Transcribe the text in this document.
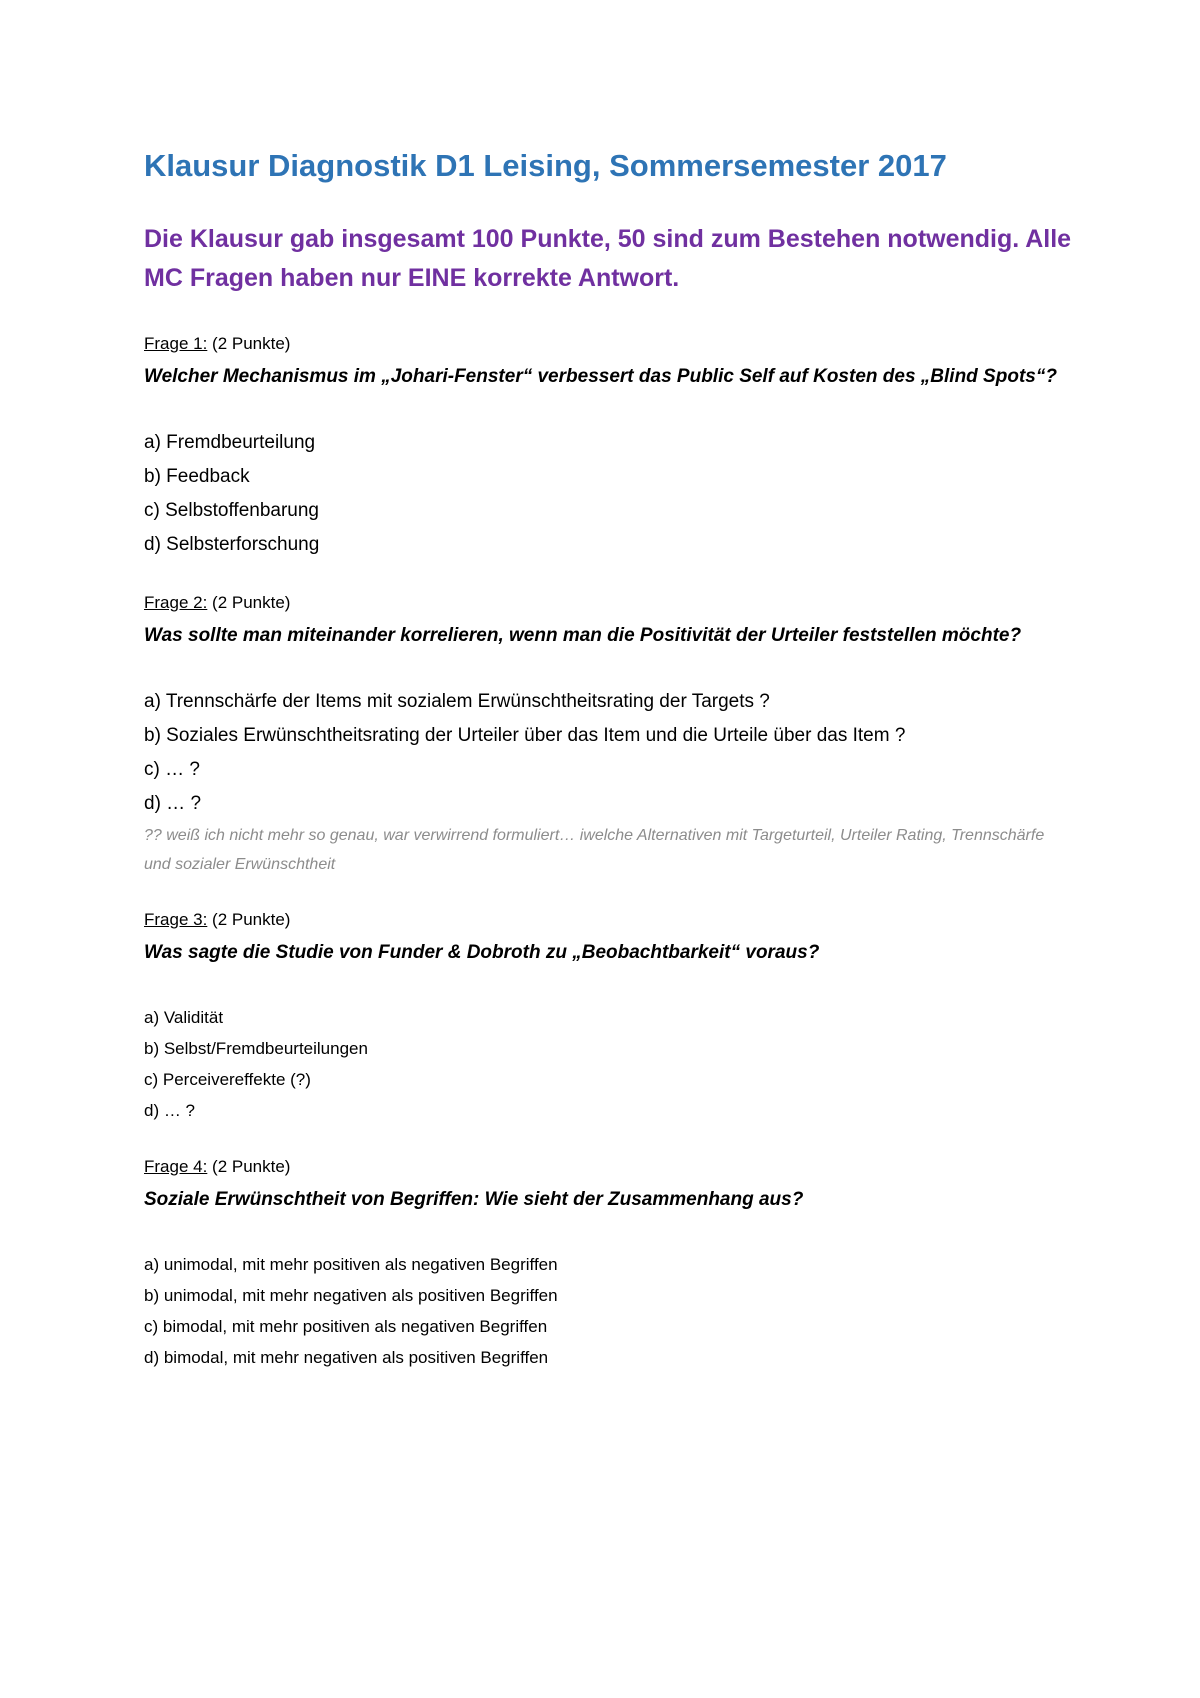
Klausur Diagnostik D1 Leising, Sommersemester 2017
Die Klausur gab insgesamt 100 Punkte, 50 sind zum Bestehen notwendig. Alle MC Fragen haben nur EINE korrekte Antwort.
Frage 1: (2 Punkte)
Welcher Mechanismus im „Johari-Fenster“ verbessert das Public Self auf Kosten des „Blind Spots“?
a) Fremdbeurteilung
b) Feedback
c) Selbstoffenbarung
d) Selbsterforschung
Frage 2: (2 Punkte)
Was sollte man miteinander korrelieren, wenn man die Positivität der Urteiler feststellen möchte?
a) Trennschärfe der Items mit sozialem Erwünschtheitsrating der Targets ?
b) Soziales Erwünschtheitsrating der Urteiler über das Item und die Urteile über das Item ?
c) … ?
d) … ?
?? weiß ich nicht mehr so genau, war verwirrend formuliert… iwelche Alternativen mit Targeturteil, Urteiler Rating, Trennschärfe und sozialer Erwünschtheit
Frage 3: (2 Punkte)
Was sagte die Studie von Funder & Dobroth zu „Beobachtbarkeit“ voraus?
a) Validität
b) Selbst/Fremdbeurteilungen
c) Perceivereffekte (?)
d) … ?
Frage 4: (2 Punkte)
Soziale Erwünschtheit von Begriffen: Wie sieht der Zusammenhang aus?
a) unimodal, mit mehr positiven als negativen Begriffen
b) unimodal, mit mehr negativen als positiven Begriffen
c) bimodal, mit mehr positiven als negativen Begriffen
d) bimodal, mit mehr negativen als positiven Begriffen
